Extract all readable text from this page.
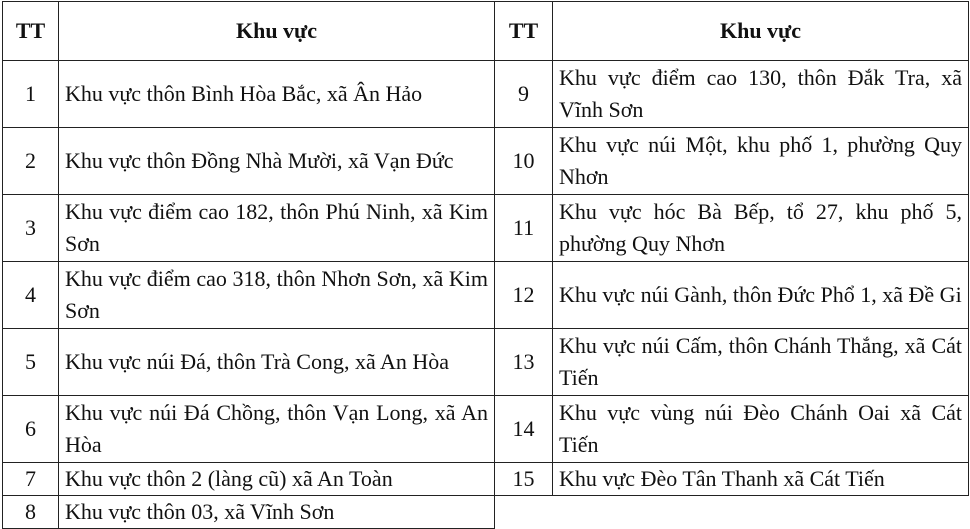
TT	Khu vực	TT	Khu vực
1	Khu vực thôn Bình Hòa Bắc, xã Ân Hảo	9	Khu vực điểm cao 130, thôn Đắk Tra, xã Vĩnh Sơn
2	Khu vực thôn Đồng Nhà Mười, xã Vạn Đức	10	Khu vực núi Một, khu phố 1, phường Quy Nhơn
3	Khu vực điểm cao 182, thôn Phú Ninh, xã Kim Sơn	11	Khu vực hóc Bà Bếp, tổ 27, khu phố 5, phường Quy Nhơn
4	Khu vực điểm cao 318, thôn Nhơn Sơn, xã Kim Sơn	12	Khu vực núi Gành, thôn Đức Phổ 1, xã Đề Gi
5	Khu vực núi Đá, thôn Trà Cong, xã An Hòa	13	Khu vực núi Cấm, thôn Chánh Thắng, xã Cát Tiến
6	Khu vực núi Đá Chồng, thôn Vạn Long, xã An Hòa	14	Khu vực vùng núi Đèo Chánh Oai xã Cát Tiến
7	Khu vực thôn 2 (làng cũ) xã An Toàn	15	Khu vực Đèo Tân Thanh xã Cát Tiến
8	Khu vực thôn 03, xã Vĩnh Sơn		
